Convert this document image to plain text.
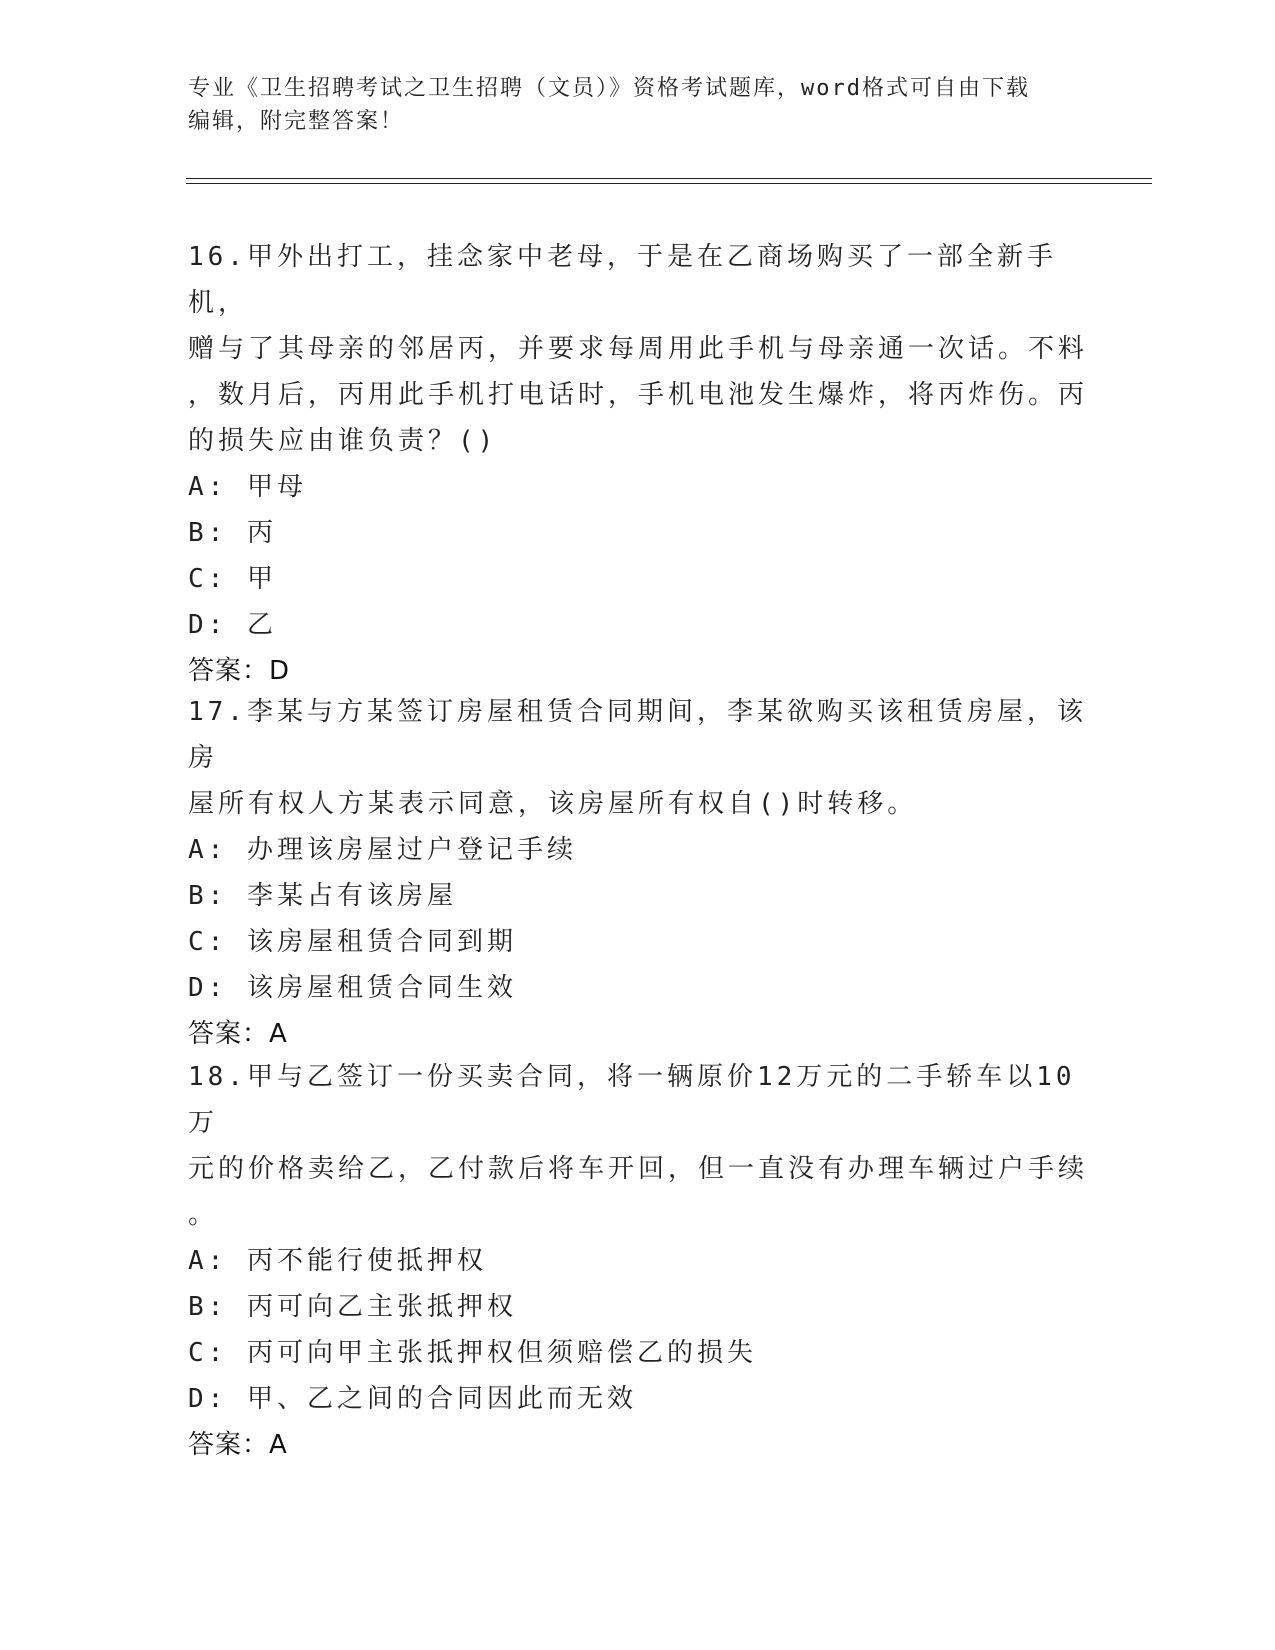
专业《卫生招聘考试之卫生招聘（文员）》资格考试题库，word格式可自由下载
编辑，附完整答案！

16.甲外出打工，挂念家中老母，于是在乙商场购买了一部全新手机，
赠与了其母亲的邻居丙，并要求每周用此手机与母亲通一次话。不料
，数月后，丙用此手机打电话时，手机电池发生爆炸，将丙炸伤。丙
的损失应由谁负责？()

A: 甲母
B: 丙
C: 甲
D: 乙
答案：D

17.李某与方某签订房屋租赁合同期间，李某欲购买该租赁房屋，该房
屋所有权人方某表示同意，该房屋所有权自()时转移。

A: 办理该房屋过户登记手续
B: 李某占有该房屋
C: 该房屋租赁合同到期
D: 该房屋租赁合同生效
答案：A

18.甲与乙签订一份买卖合同，将一辆原价12万元的二手轿车以10万
元的价格卖给乙，乙付款后将车开回，但一直没有办理车辆过户手续
。

A: 丙不能行使抵押权
B: 丙可向乙主张抵押权
C: 丙可向甲主张抵押权但须赔偿乙的损失
D: 甲、乙之间的合同因此而无效
答案：A
